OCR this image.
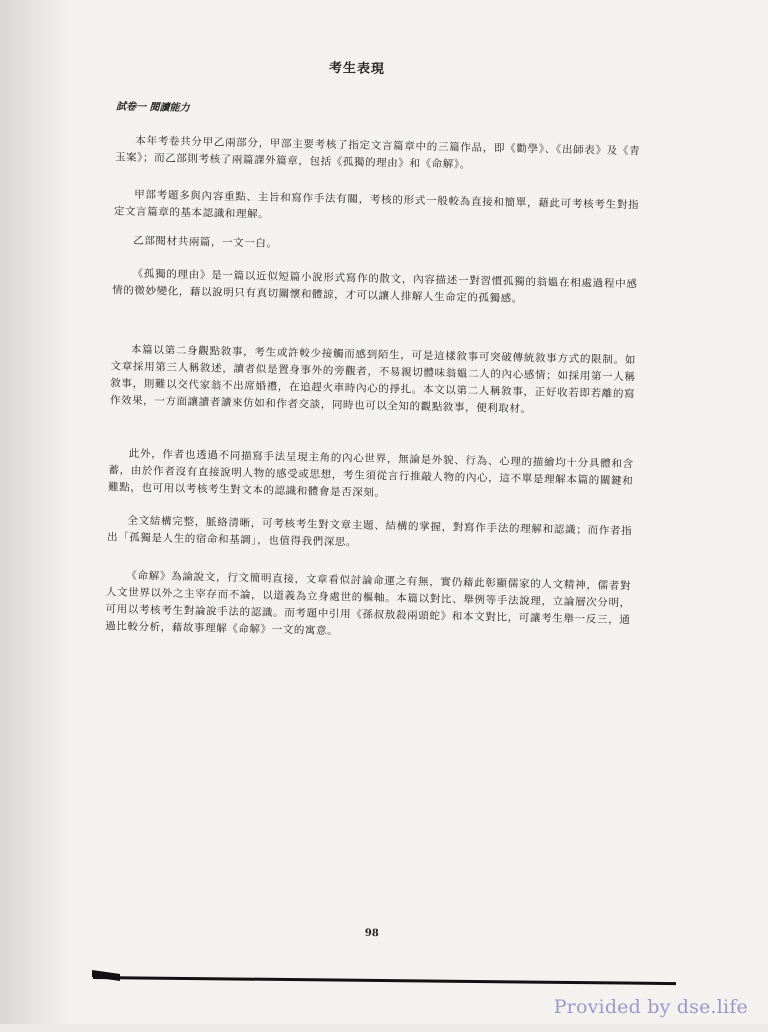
考生表現
試卷一 閱讀能力

本年考卷共分甲乙兩部分，甲部主要考核了指定文言篇章中的三篇作品，即《勸學》、《出師表》及《青玉案》；而乙部則考核了兩篇課外篇章，包括《孤獨的理由》和《命解》。

甲部考題多與內容重點、主旨和寫作手法有關，考核的形式一般較為直接和簡單，藉此可考核考生對指定文言篇章的基本認識和理解。

乙部閱材共兩篇，一文一白。

《孤獨的理由》是一篇以近似短篇小說形式寫作的散文，內容描述一對習慣孤獨的翁媼在相處過程中感情的微妙變化，藉以說明只有真切關懷和體諒，才可以讓人排解人生命定的孤獨感。

本篇以第二身觀點敘事，考生或許較少接觸而感到陌生，可是這樣敘事可突破傳統敘事方式的限制。如文章採用第三人稱敘述，讀者似是置身事外的旁觀者，不易親切體味翁媼二人的內心感情；如採用第一人稱敘事，則難以交代家翁不出席婚禮，在追趕火車時內心的掙扎。本文以第二人稱敘事，正好收若即若離的寫作效果，一方面讓讀者讀來仿如和作者交談，同時也可以全知的觀點敘事，便利取材。

此外，作者也透過不同描寫手法呈現主角的內心世界，無論是外貌、行為、心理的描繪均十分具體和含蓄，由於作者沒有直接說明人物的感受或思想，考生須從言行推敲人物的內心，這不單是理解本篇的關鍵和難點，也可用以考核考生對文本的認識和體會是否深刻。

全文結構完整，脈絡清晰，可考核考生對文章主題、結構的掌握，對寫作手法的理解和認識；而作者指出「孤獨是人生的宿命和基調」，也值得我們深思。

《命解》為論說文，行文簡明直接，文章看似討論命運之有無，實仍藉此彰顯儒家的人文精神，儒者對人文世界以外之主宰存而不論，以道義為立身處世的樞軸。本篇以對比、舉例等手法說理，立論層次分明，可用以考核考生對論說手法的認識。而考題中引用《孫叔敖殺兩頭蛇》和本文對比，可讓考生舉一反三，通過比較分析，藉故事理解《命解》一文的寓意。

98
Provided by dse.life
